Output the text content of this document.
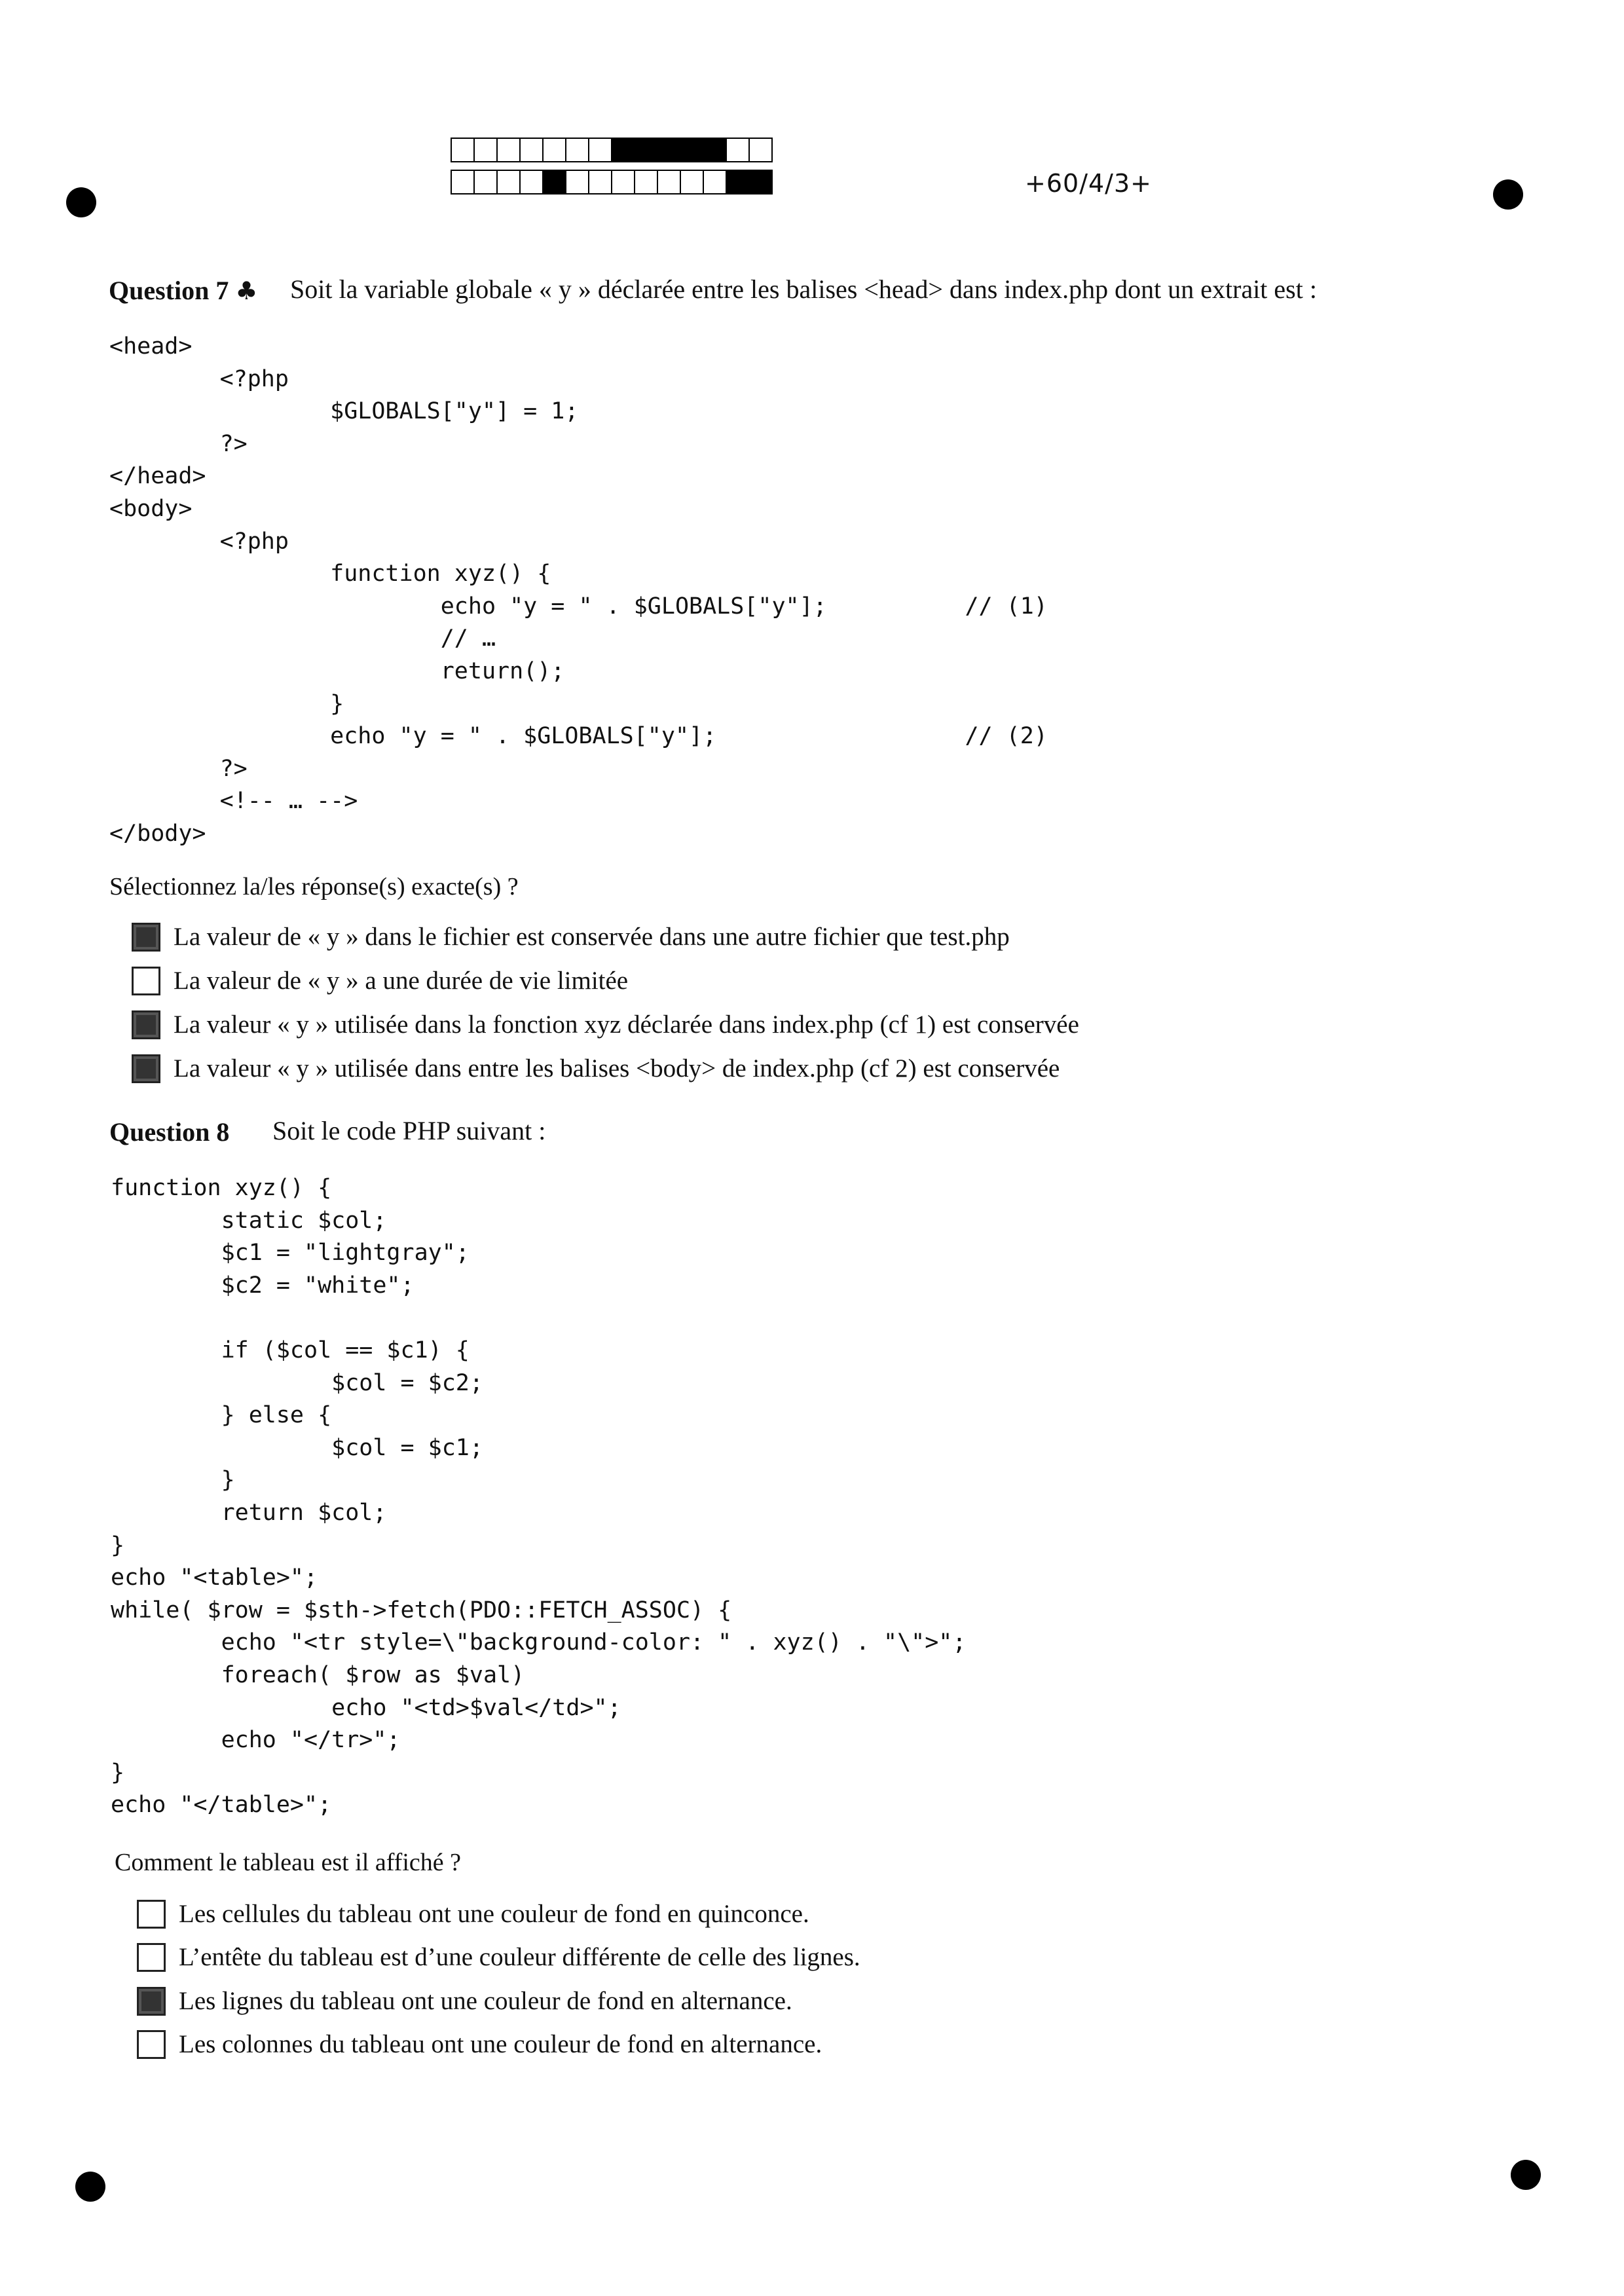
+60/4/3+
Question 7 ♣ Soit la variable globale « y » déclarée entre les balises <head> dans index.php dont un extrait est :
<head>
<?php
$GLOBALS["y"] = 1;
?>
</head>
<body>
<?php
function xyz() {
echo "y = " . $GLOBALS["y"];          // (1)
// …
return();
}
echo "y = " . $GLOBALS["y"];                  // (2)
?>
<!-- … -->
</body>
Sélectionnez la/les réponse(s) exacte(s) ?
La valeur de « y » dans le fichier est conservée dans une autre fichier que test.php
La valeur de « y » a une durée de vie limitée
La valeur « y » utilisée dans la fonction xyz déclarée dans index.php (cf 1) est conservée
La valeur « y » utilisée dans entre les balises <body> de index.php (cf 2) est conservée
Question 8 Soit le code PHP suivant :
function xyz() {
static $col;
$c1 = "lightgray";
$c2 = "white";

if ($col == $c1) {
$col = $c2;
} else {
$col = $c1;
}
return $col;
}
echo "<table>";
while( $row = $sth->fetch(PDO::FETCH_ASSOC) {
echo "<tr style=\"background-color: " . xyz() . "\">";
foreach( $row as $val)
echo "<td>$val</td>";
echo "</tr>";
}
echo "</table>";
Comment le tableau est il affiché ?
Les cellules du tableau ont une couleur de fond en quinconce.
L’entête du tableau est d’une couleur différente de celle des lignes.
Les lignes du tableau ont une couleur de fond en alternance.
Les colonnes du tableau ont une couleur de fond en alternance.
